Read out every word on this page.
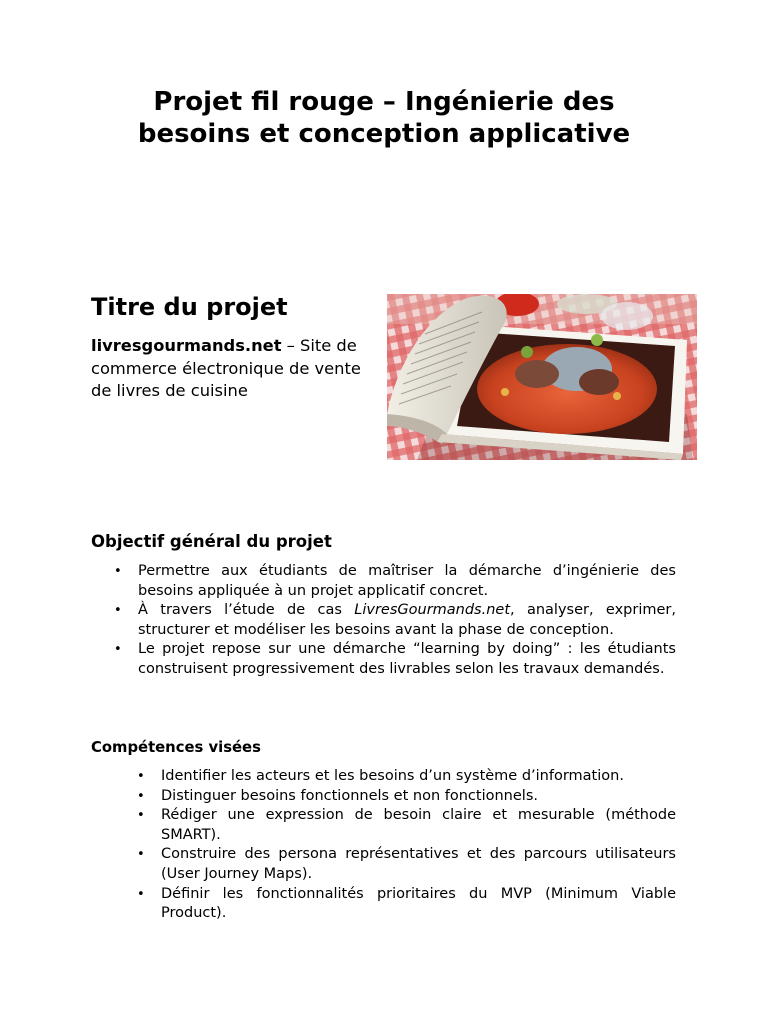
Projet fil rouge – Ingénierie des
besoins et conception applicative
Titre du projet

livresgourmands.net – Site de commerce électronique de vente de livres de cuisine

Objectif général du projet
• Permettre aux étudiants de maîtriser la démarche d’ingénierie des besoins appliquée à un projet applicatif concret.
• À travers l’étude de cas LivresGourmands.net, analyser, exprimer, structurer et modéliser les besoins avant la phase de conception.
• Le projet repose sur une démarche “learning by doing” : les étudiants construisent progressivement des livrables selon les travaux demandés.
Compétences visées
• Identifier les acteurs et les besoins d’un système d’information.
• Distinguer besoins fonctionnels et non fonctionnels.
• Rédiger une expression de besoin claire et mesurable (méthode SMART).
• Construire des persona représentatives et des parcours utilisateurs (User Journey Maps).
• Définir les fonctionnalités prioritaires du MVP (Minimum Viable Product).
